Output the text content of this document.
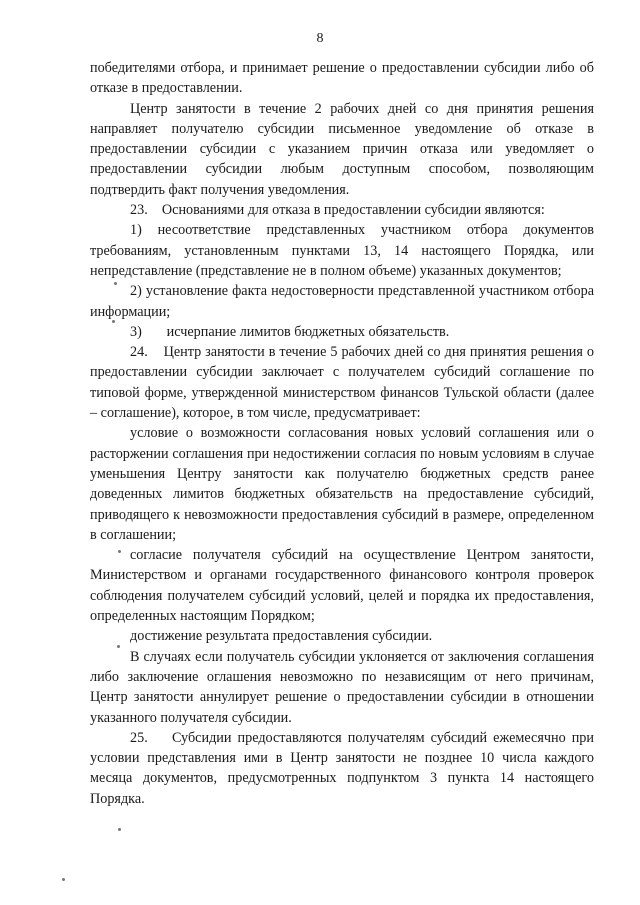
8

победителями отбора, и принимает решение о предоставлении субсидии либо об отказе в предоставлении.

Центр занятости в течение 2 рабочих дней со дня принятия решения направляет получателю субсидии письменное уведомление об отказе в предоставлении субсидии с указанием причин отказа или уведомляет о предоставлении субсидии любым доступным способом, позволяющим подтвердить факт получения уведомления.

23.    Основаниями для отказа в предоставлении субсидии являются:

1) несоответствие представленных участником отбора документов требованиям, установленным пунктами 13, 14 настоящего Порядка, или непредставление (представление не в полном объеме) указанных документов;

2) установление факта недостоверности представленной участником отбора информации;

3)       исчерпание лимитов бюджетных обязательств.

24.    Центр занятости в течение 5 рабочих дней со дня принятия решения о предоставлении субсидии заключает с получателем субсидий соглашение по типовой форме, утвержденной министерством финансов Тульской области (далее – соглашение), которое, в том числе, предусматривает:

условие о возможности согласования новых условий соглашения или о расторжении соглашения при недостижении согласия по новым условиям в случае уменьшения Центру занятости как получателю бюджетных средств ранее доведенных лимитов бюджетных обязательств на предоставление субсидий, приводящего к невозможности предоставления субсидий в размере, определенном в соглашении;

согласие получателя субсидий на осуществление Центром занятости, Министерством и органами государственного финансового контроля проверок соблюдения получателем субсидий условий, целей и порядка их предоставления, определенных настоящим Порядком;

достижение результата предоставления субсидии.

В случаях если получатель субсидии уклоняется от заключения соглашения либо заключение оглашения невозможно по независящим от него причинам, Центр занятости аннулирует решение о предоставлении субсидии в отношении указанного получателя субсидии.

25.    Субсидии предоставляются получателям субсидий ежемесячно при условии представления ими в Центр занятости не позднее 10 числа каждого месяца документов, предусмотренных подпунктом 3 пункта 14 настоящего Порядка.
